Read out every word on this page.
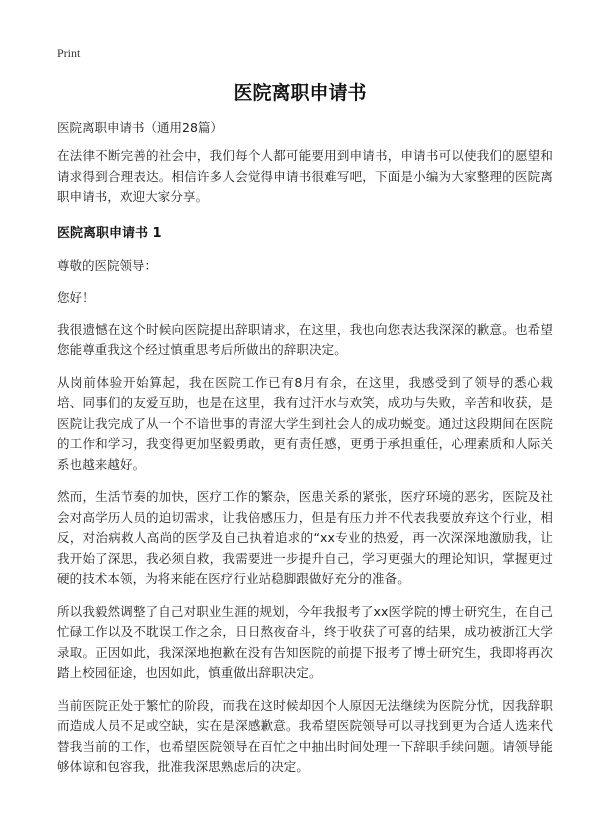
Print
医院离职申请书
医院离职申请书（通用28篇）

在法律不断完善的社会中，我们每个人都可能要用到申请书，申请书可以使我们的愿望和请求得到合理表达。相信许多人会觉得申请书很难写吧，下面是小编为大家整理的医院离职申请书，欢迎大家分享。

医院离职申请书 1
尊敬的医院领导：
您好！

我很遗憾在这个时候向医院提出辞职请求，在这里，我也向您表达我深深的歉意。也希望您能尊重我这个经过慎重思考后所做出的辞职决定。

从岗前体验开始算起，我在医院工作已有8月有余，在这里，我感受到了领导的悉心栽培、同事们的友爱互助，也是在这里，我有过汗水与欢笑，成功与失败，辛苦和收获，是医院让我完成了从一个不谙世事的青涩大学生到社会人的成功蜕变。通过这段期间在医院的工作和学习，我变得更加坚毅勇敢，更有责任感，更勇于承担重任，心理素质和人际关系也越来越好。

然而，生活节奏的加快，医疗工作的繁杂，医患关系的紧张，医疗环境的恶劣，医院及社会对高学历人员的迫切需求，让我倍感压力，但是有压力并不代表我要放弃这个行业，相反，对治病救人高尚的医学及自己执着追求的“xx专业的热爱，再一次深深地激励我，让我开始了深思，我必须自救，我需要进一步提升自己，学习更强大的理论知识，掌握更过硬的技术本领，为将来能在医疗行业站稳脚跟做好充分的准备。

所以我毅然调整了自己对职业生涯的规划，今年我报考了xx医学院的博士研究生，在自己忙碌工作以及不耽误工作之余，日日熬夜奋斗，终于收获了可喜的结果，成功被浙江大学录取。正因如此，我深深地抱歉在没有告知医院的前提下报考了博士研究生，我即将再次踏上校园征途，也因如此，慎重做出辞职决定。

当前医院正处于繁忙的阶段，而我在这时候却因个人原因无法继续为医院分忧，因我辞职而造成人员不足或空缺，实在是深感歉意。我希望医院领导可以寻找到更为合适人选来代替我当前的工作，也希望医院领导在百忙之中抽出时间处理一下辞职手续问题。请领导能够体谅和包容我，批准我深思熟虑后的决定。
